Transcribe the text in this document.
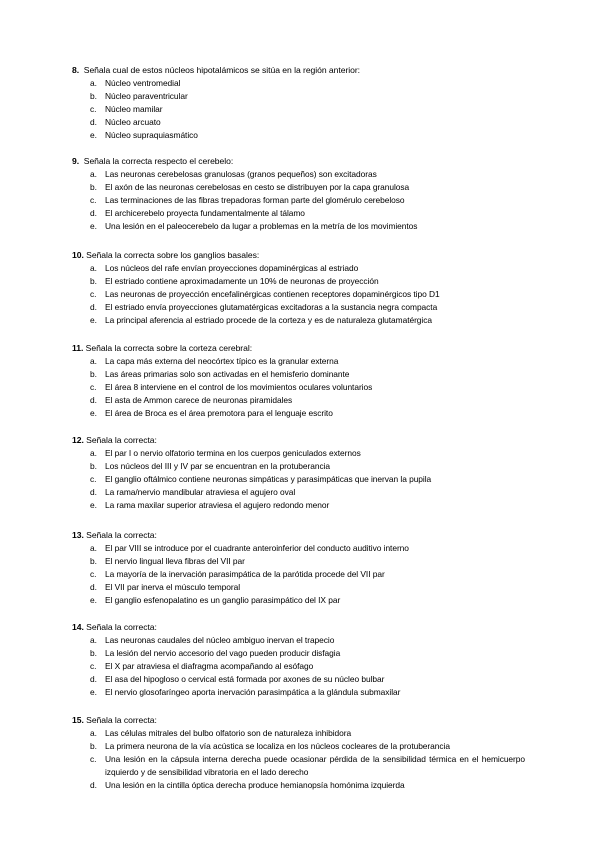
8. Señala cual de estos núcleos hipotalámicos se sitúa en la región anterior:
a. Núcleo ventromedial
b. Núcleo paraventricular
c.	Núcleo mamilar
d. Núcleo arcuato
e. Núcleo supraquiasmático
9. Señala la correcta respecto el cerebelo:
a. Las neuronas cerebelosas granulosas (granos pequeños) son excitadoras
b. El axón de las neuronas cerebelosas en cesto se distribuyen por la capa granulosa
c.	Las terminaciones de las fibras trepadoras forman parte del glomérulo cerebeloso
d. El archicerebelo proyecta fundamentalmente al tálamo
e. Una lesión en el paleocerebelo da lugar a problemas en la metría de los movimientos
10. Señala la correcta sobre los ganglios basales:
a. Los núcleos del rafe envían proyecciones dopaminérgicas al estriado
b. El estriado contiene aproximadamente un 10% de neuronas de proyección
c.	Las neuronas de proyección encefalinérgicas contienen receptores dopaminérgicos tipo D1
d. El estriado envía proyecciones glutamatérgicas excitadoras a la sustancia negra compacta
e. La principal aferencia al estriado procede de la corteza y es de naturaleza glutamatérgica
11. Señala la correcta sobre la corteza cerebral:
a. La capa más externa del neocórtex típico es la granular externa
b. Las áreas primarias solo son activadas en el hemisferio dominante
c.	El área 8 interviene en el control de los movimientos oculares voluntarios
d. El asta de Ammon carece de neuronas piramidales
e. El área de Broca es el área premotora para el lenguaje escrito
12. Señala la correcta:
a. El par I o nervio olfatorio termina en los cuerpos geniculados externos
b. Los núcleos del III y IV par se encuentran en la protuberancia
c.	El ganglio oftálmico contiene neuronas simpáticas y parasimpáticas que inervan la pupila
d. La rama/nervio mandibular atraviesa el agujero oval
e. La rama maxilar superior atraviesa el agujero redondo menor
13. Señala la correcta:
a. El par VIII se introduce por el cuadrante anteroinferior del conducto auditivo interno
b. El nervio lingual lleva fibras del VII par
c.	La mayoría de la inervación parasimpática de la parótida procede del VII par
d. El VII par inerva el músculo temporal
e. El ganglio esfenopalatino es un ganglio parasimpático del IX par
14. Señala la correcta:
a. Las neuronas caudales del núcleo ambiguo inervan el trapecio
b. La lesión del nervio accesorio del vago pueden producir disfagia
c.	El X par atraviesa el diafragma acompañando al esófago
d. El asa del hipogloso o cervical está formada por axones de su núcleo bulbar
e. El nervio glosofaríngeo aporta inervación parasimpática a la glándula submaxilar
15. Señala la correcta:
a. Las células mitrales del bulbo olfatorio son de naturaleza inhibidora
b. La primera neurona de la vía acústica se localiza en los núcleos cocleares de la protuberancia
c.	Una lesión en la cápsula interna derecha puede ocasionar pérdida de la sensibilidad térmica en el hemicuerpo izquierdo y de sensibilidad vibratoria en el lado derecho
d. Una lesión en la cintilla óptica derecha produce hemianopsía homónima izquierda
